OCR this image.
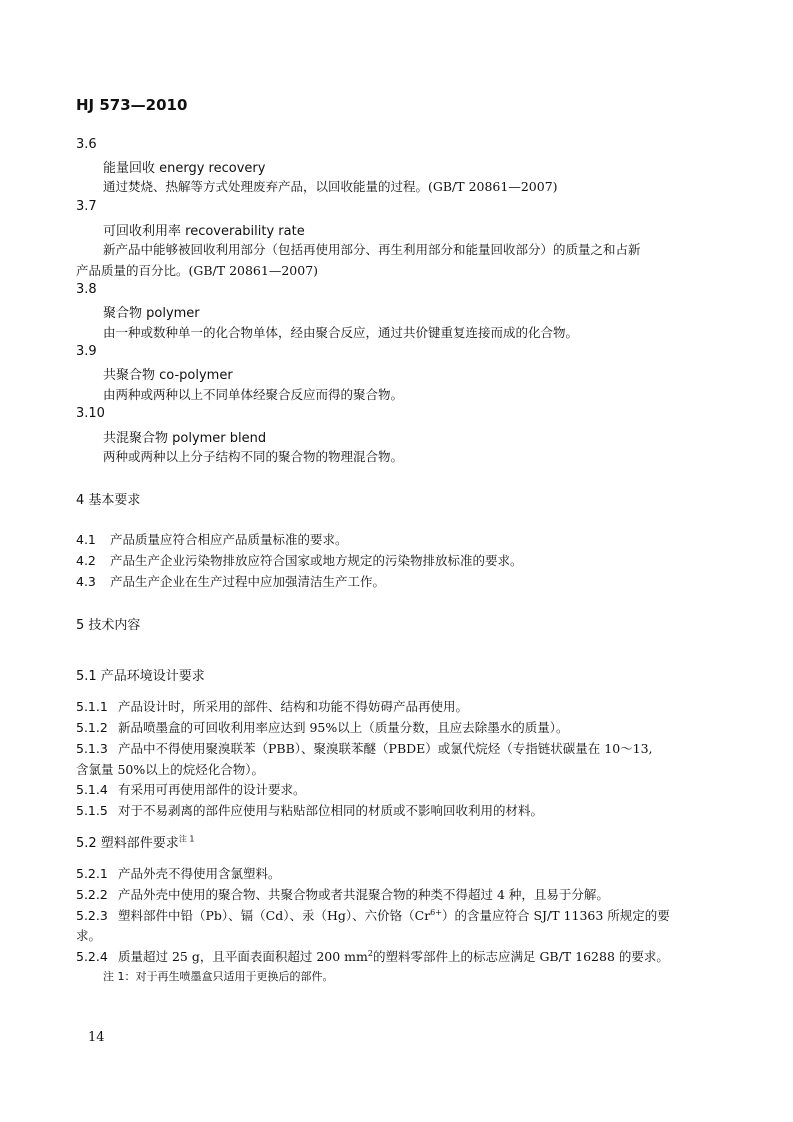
HJ 573—2010
3.6
能量回收 energy recovery
通过焚烧、热解等方式处理废弃产品，以回收能量的过程。(GB/T 20861—2007)
3.7
可回收利用率 recoverability rate
新产品中能够被回收利用部分（包括再使用部分、再生利用部分和能量回收部分）的质量之和占新
产品质量的百分比。(GB/T 20861—2007)
3.8
聚合物 polymer
由一种或数种单一的化合物单体，经由聚合反应，通过共价键重复连接而成的化合物。
3.9
共聚合物 co-polymer
由两种或两种以上不同单体经聚合反应而得的聚合物。
3.10
共混聚合物 polymer blend
两种或两种以上分子结构不同的聚合物的物理混合物。
4 基本要求
4.1 产品质量应符合相应产品质量标准的要求。
4.2 产品生产企业污染物排放应符合国家或地方规定的污染物排放标准的要求。
4.3 产品生产企业在生产过程中应加强清洁生产工作。
5 技术内容
5.1 产品环境设计要求
5.1.1 产品设计时，所采用的部件、结构和功能不得妨碍产品再使用。
5.1.2 新品喷墨盒的可回收利用率应达到 95%以上（质量分数，且应去除墨水的质量）。
5.1.3 产品中不得使用聚溴联苯（PBB）、聚溴联苯醚（PBDE）或氯代烷烃（专指链状碳量在 10～13,
含氯量 50%以上的烷烃化合物）。
5.1.4 有采用可再使用部件的设计要求。
5.1.5 对于不易剥离的部件应使用与粘贴部位相同的材质或不影响回收利用的材料。
5.2 塑料部件要求$^{注 1}$
5.2.1 产品外壳不得使用含氯塑料。
5.2.2 产品外壳中使用的聚合物、共聚合物或者共混聚合物的种类不得超过 4 种，且易于分解。
5.2.3 塑料部件中铅（Pb）、镉（Cd）、汞（Hg）、六价铬$(Cr^{6+})$的含量应符合 SJ/T 11363 所规定的要
求。
5.2.4 质量超过 25 g，且平面表面积超过 200 $mm^2$的塑料零部件上的标志应满足 GB/T 16288 的要求。
注 1：对于再生喷墨盒只适用于更换后的部件。
14
